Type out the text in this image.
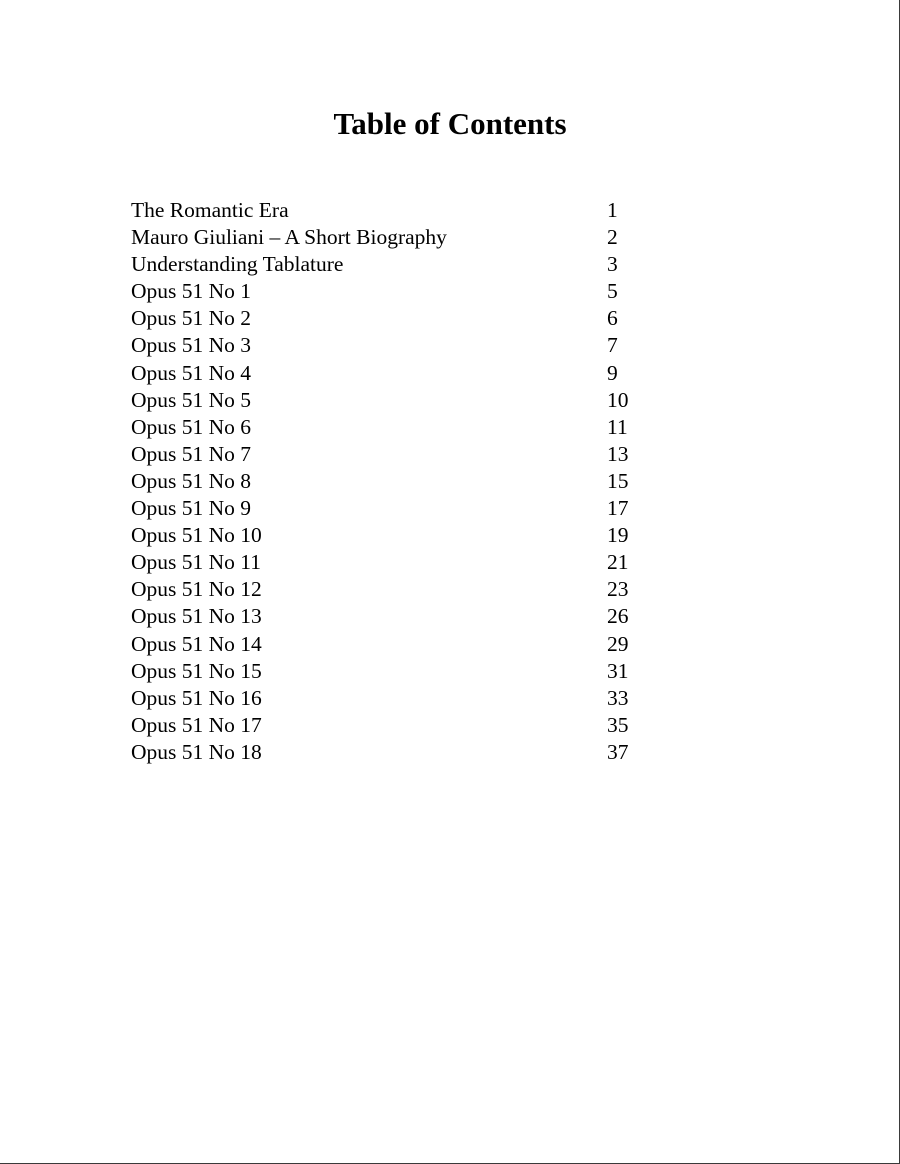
Table of Contents
The Romantic Era	1
Mauro Giuliani – A Short Biography	2
Understanding Tablature	3
Opus 51 No 1	5
Opus 51 No 2	6
Opus 51 No 3	7
Opus 51 No 4	9
Opus 51 No 5	10
Opus 51 No 6	11
Opus 51 No 7	13
Opus 51 No 8	15
Opus 51 No 9	17
Opus 51 No 10	19
Opus 51 No 11	21
Opus 51 No 12	23
Opus 51 No 13	26
Opus 51 No 14	29
Opus 51 No 15	31
Opus 51 No 16	33
Opus 51 No 17	35
Opus 51 No 18	37
